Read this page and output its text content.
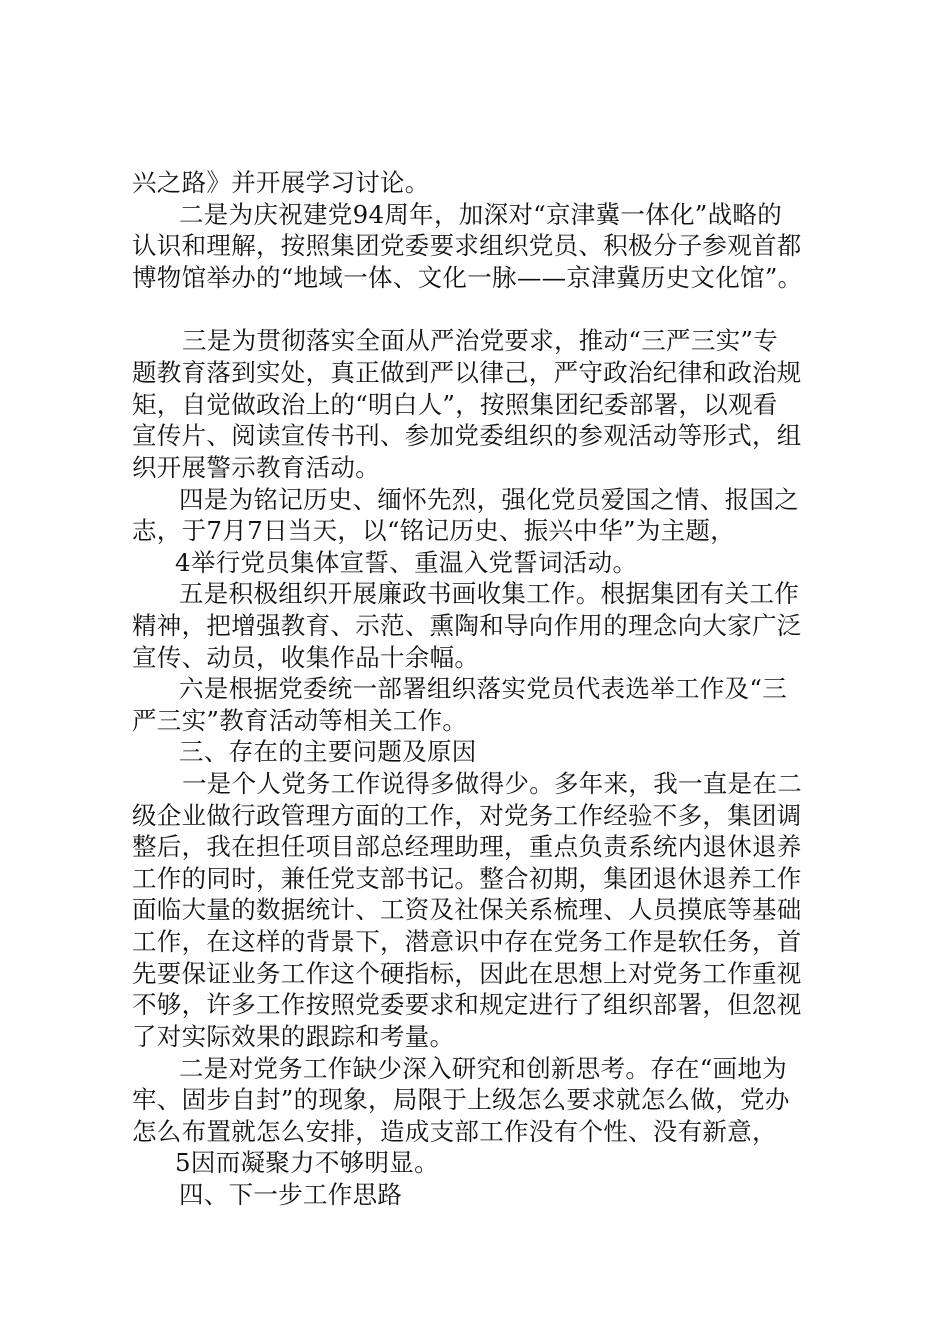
兴之路》并开展学习讨论。
二是为庆祝建党94周年，加深对“京津冀一体化”战略的
认识和理解，按照集团党委要求组织党员、积极分子参观首都
博物馆举办的“地域一体、文化一脉——京津冀历史文化馆”。
三是为贯彻落实全面从严治党要求，推动“三严三实”专
题教育落到实处，真正做到严以律己，严守政治纪律和政治规
矩，自觉做政治上的“明白人”，按照集团纪委部署，以观看
宣传片、阅读宣传书刊、参加党委组织的参观活动等形式，组
织开展警示教育活动。
四是为铭记历史、缅怀先烈，强化党员爱国之情、报国之
志，于7月7日当天，以“铭记历史、振兴中华”为主题，
4举行党员集体宣誓、重温入党誓词活动。
五是积极组织开展廉政书画收集工作。根据集团有关工作
精神，把增强教育、示范、熏陶和导向作用的理念向大家广泛
宣传、动员，收集作品十余幅。
六是根据党委统一部署组织落实党员代表选举工作及“三
严三实”教育活动等相关工作。
三、存在的主要问题及原因
一是个人党务工作说得多做得少。多年来，我一直是在二
级企业做行政管理方面的工作，对党务工作经验不多，集团调
整后，我在担任项目部总经理助理，重点负责系统内退休退养
工作的同时，兼任党支部书记。整合初期，集团退休退养工作
面临大量的数据统计、工资及社保关系梳理、人员摸底等基础
工作，在这样的背景下，潜意识中存在党务工作是软任务，首
先要保证业务工作这个硬指标，因此在思想上对党务工作重视
不够，许多工作按照党委要求和规定进行了组织部署，但忽视
了对实际效果的跟踪和考量。
二是对党务工作缺少深入研究和创新思考。存在“画地为
牢、固步自封”的现象，局限于上级怎么要求就怎么做，党办
怎么布置就怎么安排，造成支部工作没有个性、没有新意，
5因而凝聚力不够明显。
四、下一步工作思路
